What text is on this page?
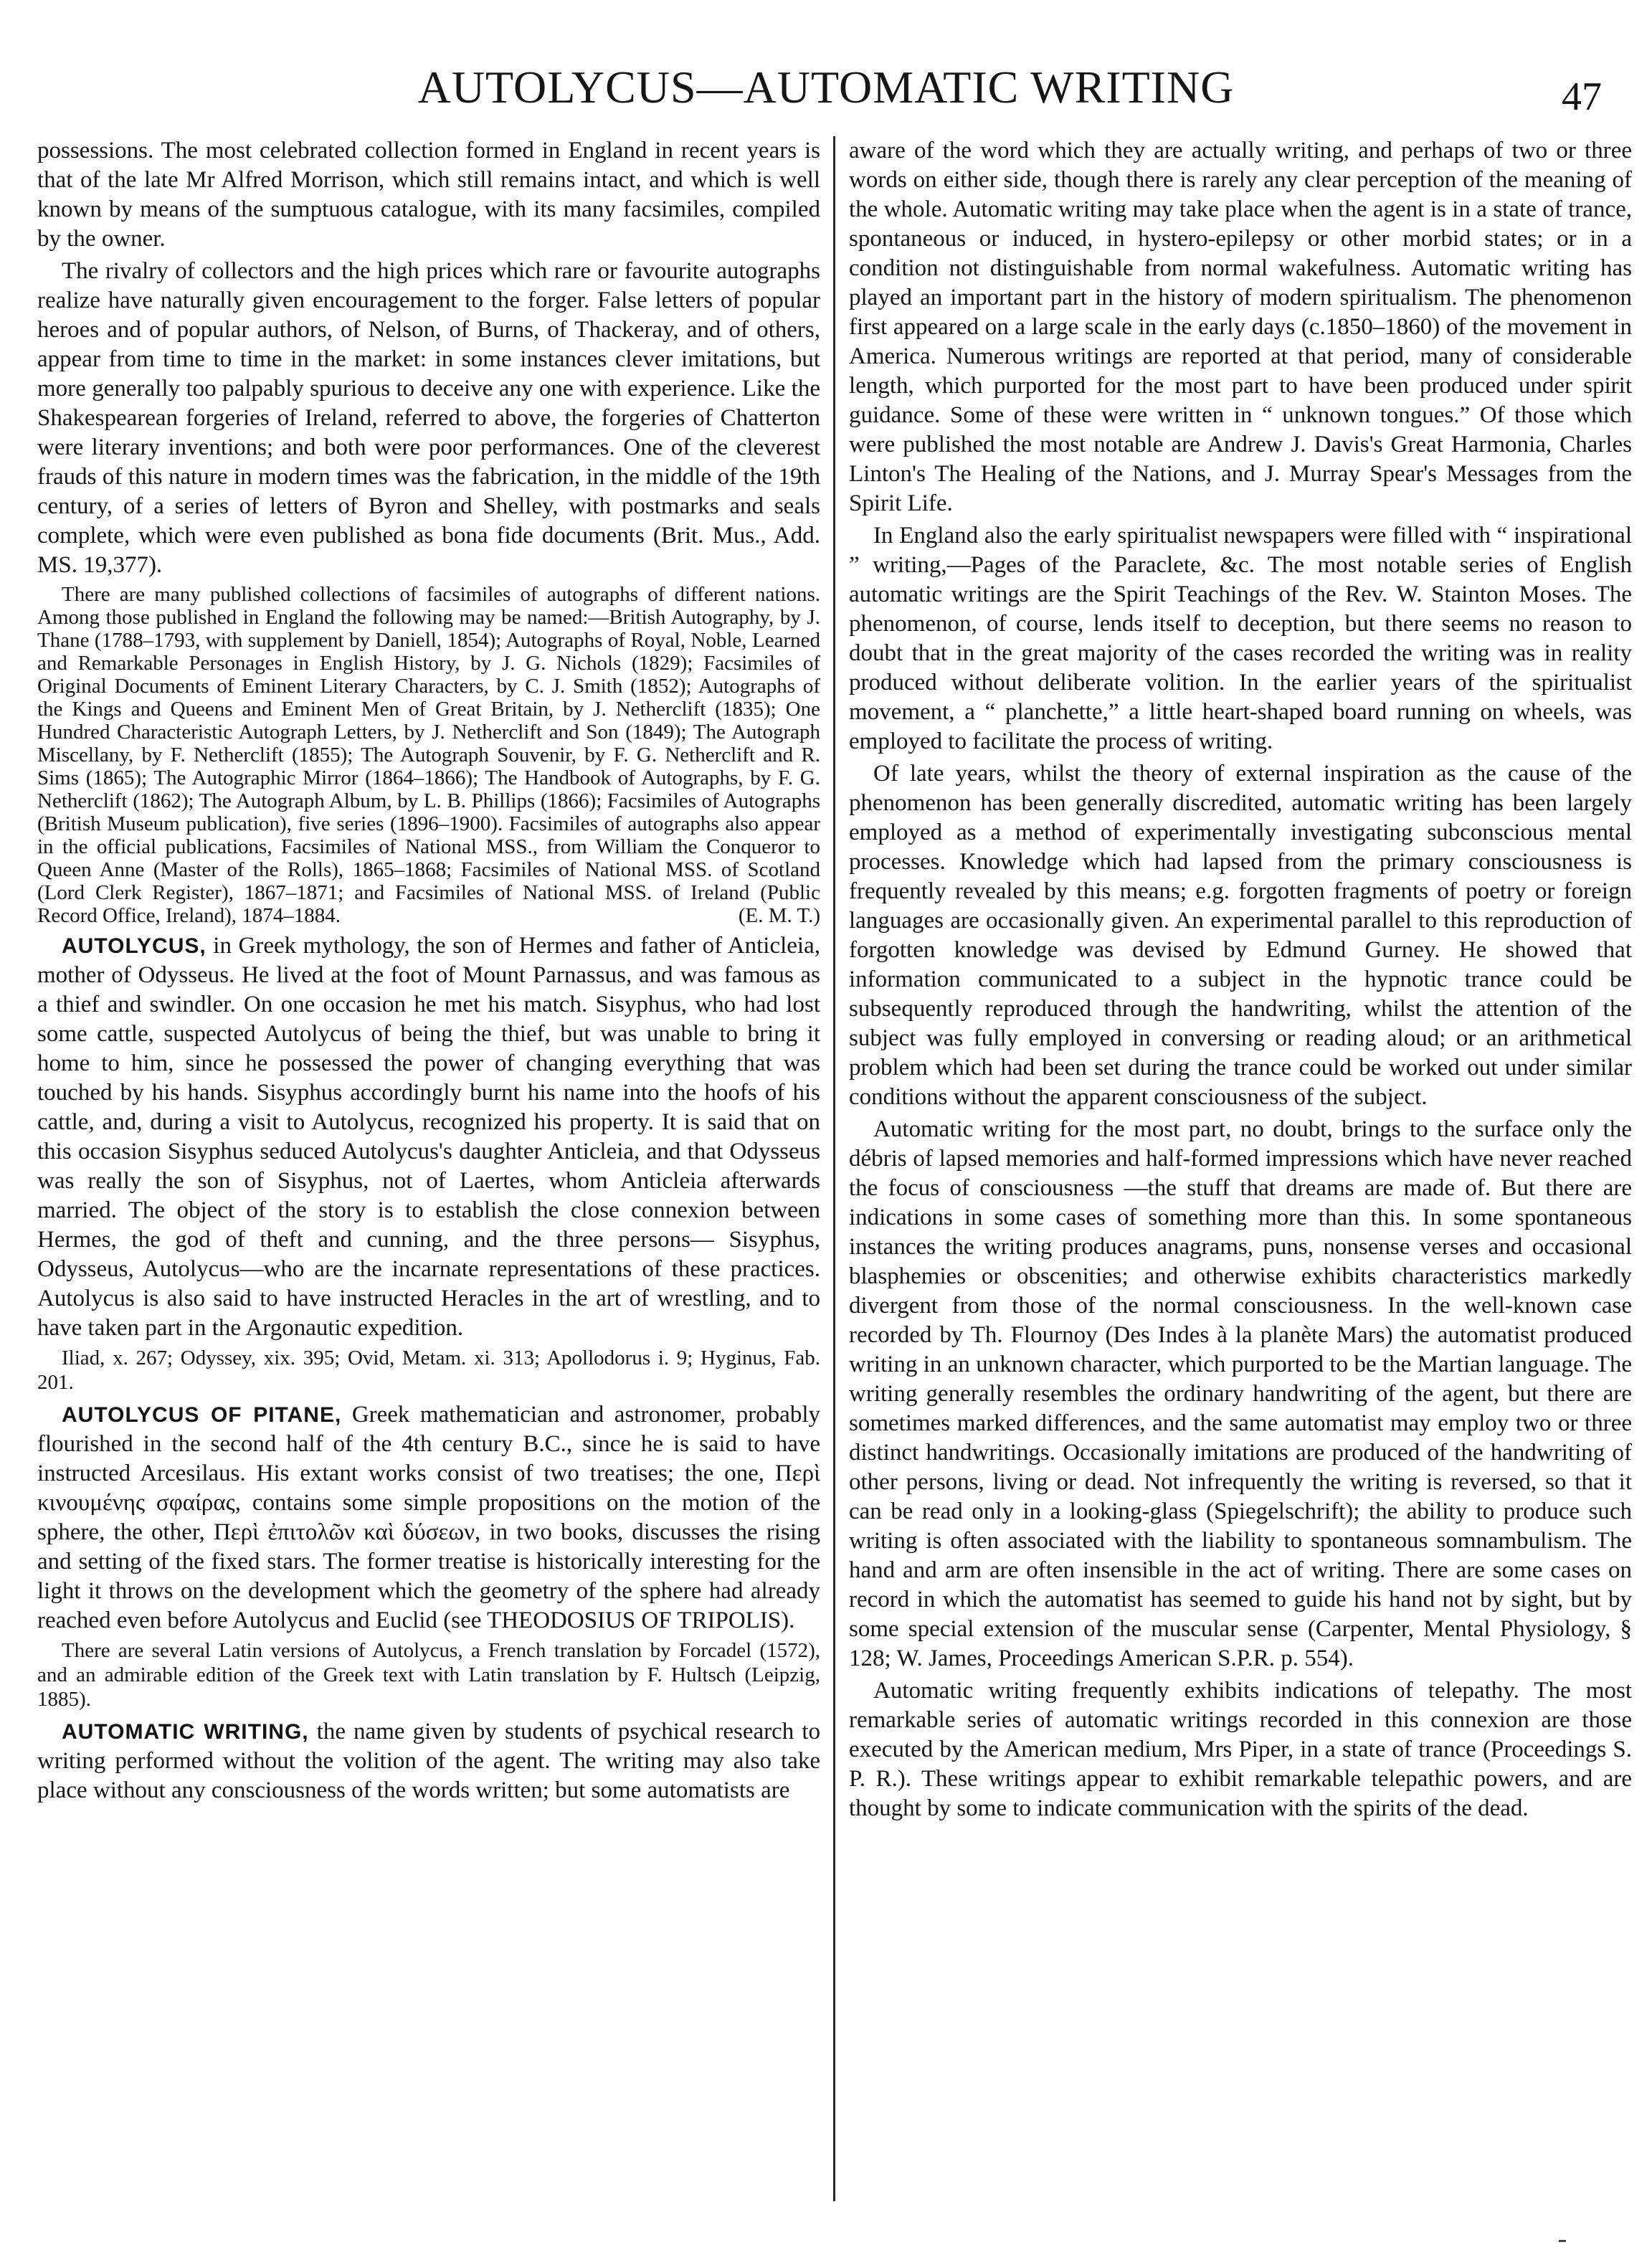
AUTOLYCUS—AUTOMATIC WRITING	47

possessions. The most celebrated collection formed in England in recent years is that of the late Mr Alfred Morrison, which still remains intact, and which is well known by means of the sumptuous catalogue, with its many facsimiles, compiled by the owner.

The rivalry of collectors and the high prices which rare or favourite autographs realize have naturally given encouragement to the forger. False letters of popular heroes and of popular authors, of Nelson, of Burns, of Thackeray, and of others, appear from time to time in the market: in some instances clever imitations, but more generally too palpably spurious to deceive any one with experience. Like the Shakespearean forgeries of Ireland, referred to above, the forgeries of Chatterton were literary inventions; and both were poor performances. One of the cleverest frauds of this nature in modern times was the fabrication, in the middle of the 19th century, of a series of letters of Byron and Shelley, with postmarks and seals complete, which were even published as bona fide documents (Brit. Mus., Add. MS. 19,377).

There are many published collections of facsimiles of autographs of different nations. Among those published in England the following may be named:—British Autography, by J. Thane (1788–1793, with supplement by Daniell, 1854); Autographs of Royal, Noble, Learned and Remarkable Personages in English History, by J. G. Nichols (1829); Facsimiles of Original Documents of Eminent Literary Characters, by C. J. Smith (1852); Autographs of the Kings and Queens and Eminent Men of Great Britain, by J. Netherclift (1835); One Hundred Characteristic Autograph Letters, by J. Netherclift and Son (1849); The Autograph Miscellany, by F. Netherclift (1855); The Autograph Souvenir, by F. G. Netherclift and R. Sims (1865); The Autographic Mirror (1864–1866); The Handbook of Autographs, by F. G. Netherclift (1862); The Autograph Album, by L. B. Phillips (1866); Facsimiles of Autographs (British Museum publication), five series (1896–1900). Facsimiles of autographs also appear in the official publications, Facsimiles of National MSS., from William the Conqueror to Queen Anne (Master of the Rolls), 1865–1868; Facsimiles of National MSS. of Scotland (Lord Clerk Register), 1867–1871; and Facsimiles of National MSS. of Ireland (Public Record Office, Ireland), 1874–1884.	(E. M. T.)

AUTOLYCUS, in Greek mythology, the son of Hermes and father of Anticleia, mother of Odysseus. He lived at the foot of Mount Parnassus, and was famous as a thief and swindler. On one occasion he met his match. Sisyphus, who had lost some cattle, suspected Autolycus of being the thief, but was unable to bring it home to him, since he possessed the power of changing everything that was touched by his hands. Sisyphus accordingly burnt his name into the hoofs of his cattle, and, during a visit to Autolycus, recognized his property. It is said that on this occasion Sisyphus seduced Autolycus's daughter Anticleia, and that Odysseus was really the son of Sisyphus, not of Laertes, whom Anticleia afterwards married. The object of the story is to establish the close connexion between Hermes, the god of theft and cunning, and the three persons— Sisyphus, Odysseus, Autolycus—who are the incarnate representations of these practices. Autolycus is also said to have instructed Heracles in the art of wrestling, and to have taken part in the Argonautic expedition.

Iliad, x. 267; Odyssey, xix. 395; Ovid, Metam. xi. 313; Apollodorus i. 9; Hyginus, Fab. 201.

AUTOLYCUS OF PITANE, Greek mathematician and astronomer, probably flourished in the second half of the 4th century B.C., since he is said to have instructed Arcesilaus. His extant works consist of two treatises; the one, Περὶ κινουμένης σφαίρας, contains some simple propositions on the motion of the sphere, the other, Περὶ ἐπιτολῶν καὶ δύσεων, in two books, discusses the rising and setting of the fixed stars. The former treatise is historically interesting for the light it throws on the development which the geometry of the sphere had already reached even before Autolycus and Euclid (see THEODOSIUS OF TRIPOLIS).

There are several Latin versions of Autolycus, a French translation by Forcadel (1572), and an admirable edition of the Greek text with Latin translation by F. Hultsch (Leipzig, 1885).

AUTOMATIC WRITING, the name given by students of psychical research to writing performed without the volition of the agent. The writing may also take place without any consciousness of the words written; but some automatists are

aware of the word which they are actually writing, and perhaps of two or three words on either side, though there is rarely any clear perception of the meaning of the whole. Automatic writing may take place when the agent is in a state of trance, spontaneous or induced, in hystero-epilepsy or other morbid states; or in a condition not distinguishable from normal wakefulness. Automatic writing has played an important part in the history of modern spiritualism. The phenomenon first appeared on a large scale in the early days (c.1850–1860) of the movement in America. Numerous writings are reported at that period, many of considerable length, which purported for the most part to have been produced under spirit guidance. Some of these were written in “ unknown tongues.” Of those which were published the most notable are Andrew J. Davis's Great Harmonia, Charles Linton's The Healing of the Nations, and J. Murray Spear's Messages from the Spirit Life.

In England also the early spiritualist newspapers were filled with “ inspirational ” writing,—Pages of the Paraclete, &c. The most notable series of English automatic writings are the Spirit Teachings of the Rev. W. Stainton Moses. The phenomenon, of course, lends itself to deception, but there seems no reason to doubt that in the great majority of the cases recorded the writing was in reality produced without deliberate volition. In the earlier years of the spiritualist movement, a “ planchette,” a little heart-shaped board running on wheels, was employed to facilitate the process of writing.

Of late years, whilst the theory of external inspiration as the cause of the phenomenon has been generally discredited, automatic writing has been largely employed as a method of experimentally investigating subconscious mental processes. Knowledge which had lapsed from the primary consciousness is frequently revealed by this means; e.g. forgotten fragments of poetry or foreign languages are occasionally given. An experimental parallel to this reproduction of forgotten knowledge was devised by Edmund Gurney. He showed that information communicated to a subject in the hypnotic trance could be subsequently reproduced through the handwriting, whilst the attention of the subject was fully employed in conversing or reading aloud; or an arithmetical problem which had been set during the trance could be worked out under similar conditions without the apparent consciousness of the subject.

Automatic writing for the most part, no doubt, brings to the surface only the débris of lapsed memories and half-formed impressions which have never reached the focus of consciousness —the stuff that dreams are made of. But there are indications in some cases of something more than this. In some spontaneous instances the writing produces anagrams, puns, nonsense verses and occasional blasphemies or obscenities; and otherwise exhibits characteristics markedly divergent from those of the normal consciousness. In the well-known case recorded by Th. Flournoy (Des Indes à la planète Mars) the automatist produced writing in an unknown character, which purported to be the Martian language. The writing generally resembles the ordinary handwriting of the agent, but there are sometimes marked differences, and the same automatist may employ two or three distinct handwritings. Occasionally imitations are produced of the handwriting of other persons, living or dead. Not infrequently the writing is reversed, so that it can be read only in a looking-glass (Spiegelschrift); the ability to produce such writing is often associated with the liability to spontaneous somnambulism. The hand and arm are often insensible in the act of writing. There are some cases on record in which the automatist has seemed to guide his hand not by sight, but by some special extension of the muscular sense (Carpenter, Mental Physiology, § 128; W. James, Proceedings American S.P.R. p. 554).

Automatic writing frequently exhibits indications of telepathy. The most remarkable series of automatic writings recorded in this connexion are those executed by the American medium, Mrs Piper, in a state of trance (Proceedings S. P. R.). These writings appear to exhibit remarkable telepathic powers, and are thought by some to indicate communication with the spirits of the dead.
